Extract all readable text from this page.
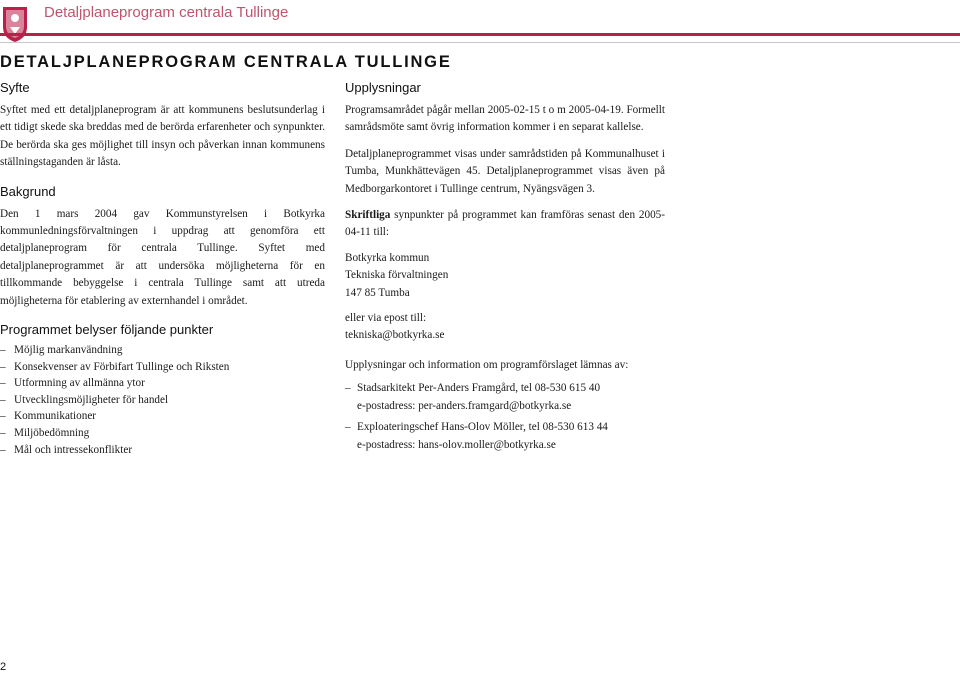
Detaljplaneprogram centrala Tullinge
DETALJPLANEPROGRAM CENTRALA TULLINGE
Syfte

Syftet med ett detaljplaneprogram är att kommunens beslutsunderlag i ett tidigt skede ska breddas med de berörda erfarenheter och synpunkter. De berörda ska ges möjlighet till insyn och påverkan innan kommunens ställningstaganden är låsta.

Bakgrund

Den 1 mars 2004 gav Kommunstyrelsen i Botkyrka kommunledningsförvaltningen i uppdrag att genomföra ett detaljplaneprogram för centrala Tullinge. Syftet med detaljplaneprogrammet är att undersöka möjligheterna för en tillkommande bebyggelse i centrala Tullinge samt att utreda möjligheterna för etablering av externhandel i området.

Programmet belyser följande punkter
– Möjlig markanvändning
– Konsekvenser av Förbifart Tullinge och Riksten
– Utformning av allmänna ytor
– Utvecklingsmöjligheter för handel
– Kommunikationer
– Miljöbedömning
– Mål och intressekonflikter
Upplysningar

Programsamrådet pågår mellan 2005-02-15 t o m 2005-04-19. Formellt samrådsmöte samt övrig information kommer i en separat kallelse.

Detaljplaneprogrammet visas under samrådstiden på Kommunalhuset i Tumba, Munkhättevägen 45. Detaljplaneprogrammet visas även på Medborgarkontoret i Tullinge centrum, Nyängsvägen 3.

Skriftliga synpunkter på programmet kan framföras senast den 2005-04-11 till:

Botkyrka kommun

Tekniska förvaltningen

147 85 Tumba

eller via epost till:

tekniska@botkyrka.se

Upplysningar och information om programförslaget lämnas av:

– Stadsarkitekt Per-Anders Framgård, tel 08-530 615 40
e-postadress: per-anders.framgard@botkyrka.se
– Exploateringschef Hans-Olov Möller, tel 08-530 613 44
e-postadress: hans-olov.moller@botkyrka.se
2
